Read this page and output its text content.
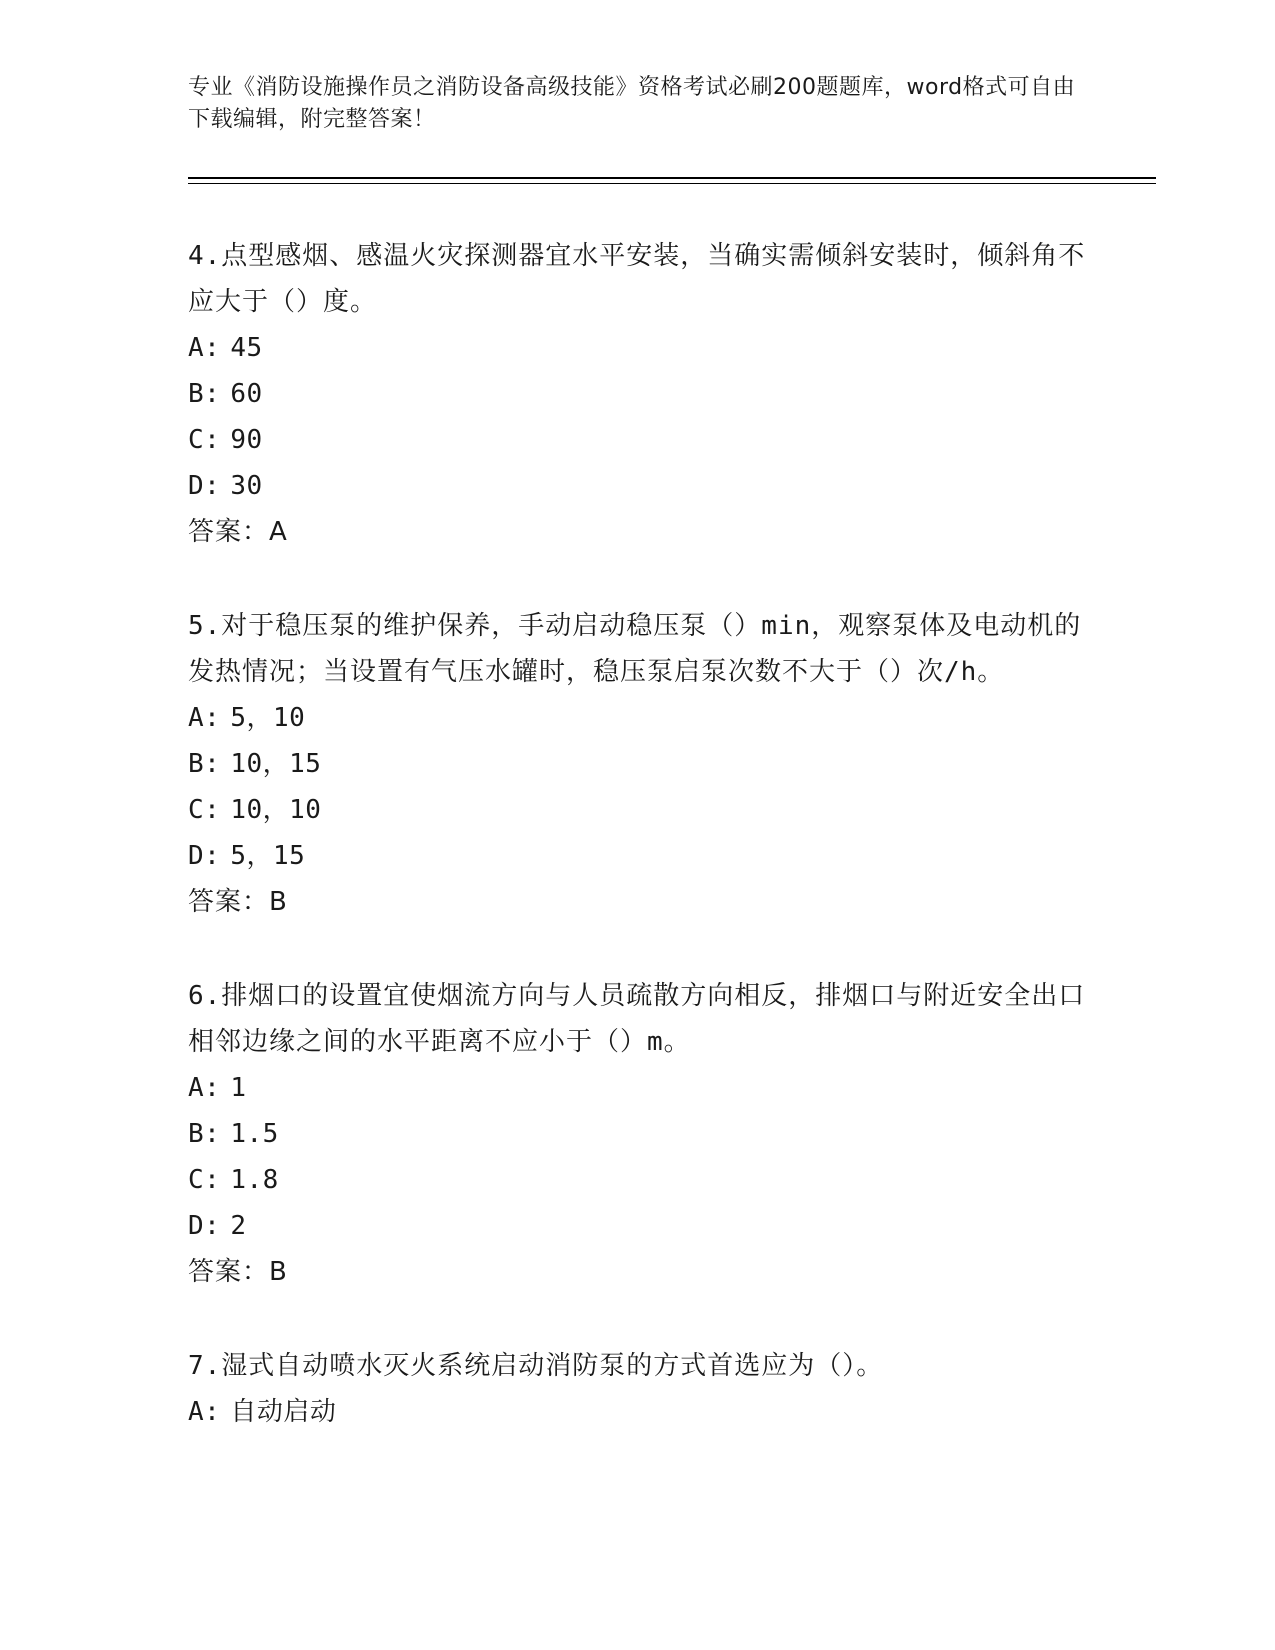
专业《消防设施操作员之消防设备高级技能》资格考试必刷200题题库，word格式可自由下载编辑，附完整答案！
4.点型感烟、感温火灾探测器宜水平安装，当确实需倾斜安装时，倾斜角不应大于（）度。
A: 45
B: 60
C: 90
D: 30
答案：A
5.对于稳压泵的维护保养，手动启动稳压泵（）min，观察泵体及电动机的发热情况；当设置有气压水罐时，稳压泵启泵次数不大于（）次/h。
A: 5，10
B: 10，15
C: 10，10
D: 5，15
答案：B
6.排烟口的设置宜使烟流方向与人员疏散方向相反，排烟口与附近安全出口相邻边缘之间的水平距离不应小于（）m。
A: 1
B: 1.5
C: 1.8
D: 2
答案：B
7.湿式自动喷水灭火系统启动消防泵的方式首选应为（）。
A: 自动启动
